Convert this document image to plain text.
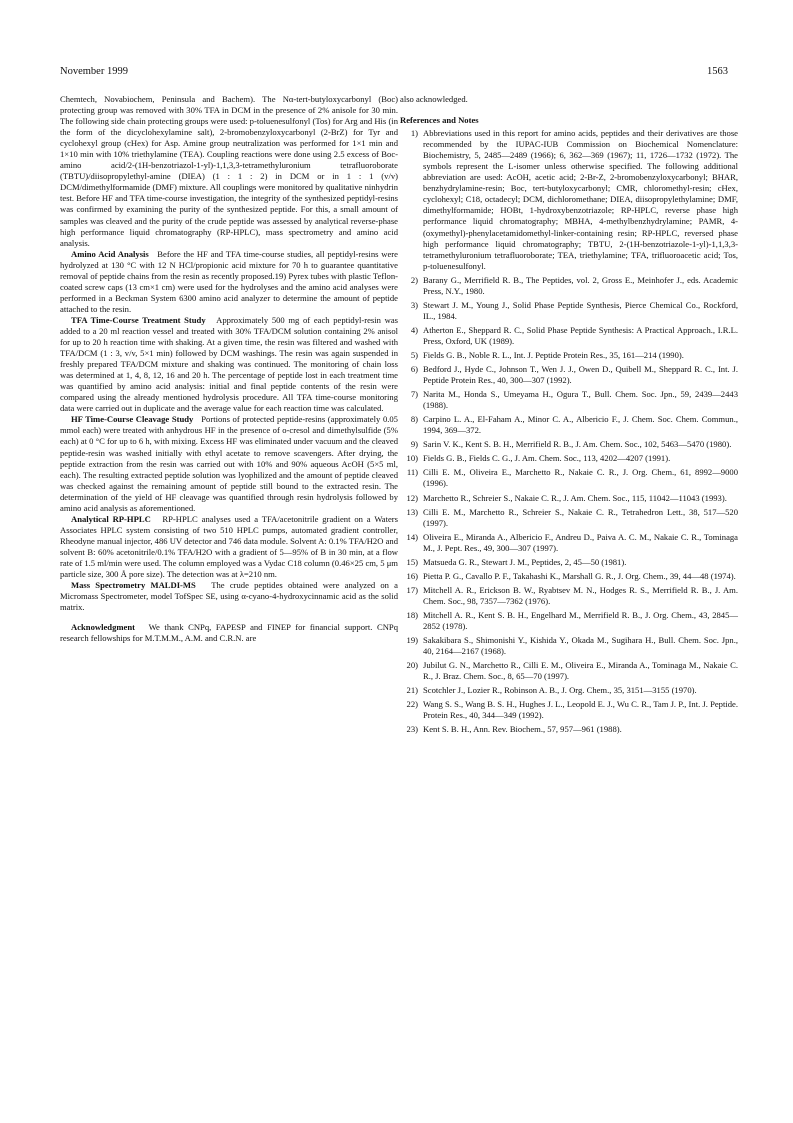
November 1999	1563

Chemtech, Novabiochem, Peninsula and Bachem). The Nα-tert-butyloxycarbonyl (Boc) protecting group was removed with 30% TFA in DCM in the presence of 2% anisole for 30 min. The following side chain protecting groups were used: p-toluenesulfonyl (Tos) for Arg and His (in the form of the dicyclohexylamine salt), 2-bromobenzyloxycarbonyl (2-BrZ) for Tyr and cyclohexyl group (cHex) for Asp. Amine group neutralization was performed for 1×1 min and 1×10 min with 10% triethylamine (TEA). Coupling reactions were done using 2.5 excess of Boc-amino acid/2-(1H-benzotriazol-1-yl)-1,1,3,3-tetramethyluronium tetrafluoroborate (TBTU)/diisopropylethyl-amine (DIEA) (1 : 1 : 2) in DCM or in 1 : 1 (v/v) DCM/dimethylformamide (DMF) mixture. All couplings were monitored by qualitative ninhydrin test. Before HF and TFA time-course investigation, the integrity of the synthesized peptidyl-resins was confirmed by examining the purity of the synthesized peptide. For this, a small amount of samples was cleaved and the purity of the crude peptide was assessed by analytical reverse-phase high performance liquid chromatography (RP-HPLC), mass spectrometry and amino acid analysis.

Amino Acid Analysis Before the HF and TFA time-course studies, all peptidyl-resins were hydrolyzed at 130 °C with 12 N HCl/propionic acid mixture for 70 h to guarantee quantitative removal of peptide chains from the resin as recently proposed.19) Pyrex tubes with plastic Teflon-coated screw caps (13 cm×1 cm) were used for the hydrolyses and the amino acid analyses were performed in a Beckman System 6300 amino acid analyzer to determine the amount of peptide attached to the resin.

TFA Time-Course Treatment Study Approximately 500 mg of each peptidyl-resin was added to a 20 ml reaction vessel and treated with 30% TFA/DCM solution containing 2% anisol for up to 20 h reaction time with shaking. At a given time, the resin was filtered and washed with TFA/DCM (1 : 3, v/v, 5×1 min) followed by DCM washings. The resin was again suspended in freshly prepared TFA/DCM mixture and shaking was continued. The monitoring of chain loss was determined at 1, 4, 8, 12, 16 and 20 h. The percentage of peptide lost in each treatment time was quantified by amino acid analysis: initial and final peptide contents of the resin were compared using the already mentioned hydrolysis procedure. All TFA time-course monitoring data were carried out in duplicate and the average value for each reaction time was calculated.

HF Time-Course Cleavage Study Portions of protected peptide-resins (approximately 0.05 mmol each) were treated with anhydrous HF in the presence of o-cresol and dimethylsulfide (5% each) at 0 °C for up to 6 h, with mixing. Excess HF was eliminated under vacuum and the cleaved peptide-resin was washed initially with ethyl acetate to remove scavengers. After drying, the peptide extraction from the resin was carried out with 10% and 90% aqueous AcOH (5×5 ml, each). The resulting extracted peptide solution was lyophilized and the amount of peptide cleaved was checked against the remaining amount of peptide still bound to the extracted resin. The determination of the yield of HF cleavage was quantified through resin hydrolysis followed by amino acid analysis as aforementioned.

Analytical RP-HPLC RP-HPLC analyses used a TFA/acetonitrile gradient on a Waters Associates HPLC system consisting of two 510 HPLC pumps, automated gradient controller, Rheodyne manual injector, 486 UV detector and 746 data module. Solvent A: 0.1% TFA/H2O and solvent B: 60% acetonitrile/0.1% TFA/H2O with a gradient of 5—95% of B in 30 min, at a flow rate of 1.5 ml/min were used. The column employed was a Vydac C18 column (0.46×25 cm, 5 μm particle size, 300 Å pore size). The detection was at λ=210 nm.

Mass Spectrometry MALDI-MS The crude peptides obtained were analyzed on a Micromass Spectrometer, model TofSpec SE, using α-cyano-4-hydroxycinnamic acid as the solid matrix.

Acknowledgment We thank CNPq, FAPESP and FINEP for financial support. CNPq research fellowships for M.T.M.M., A.M. and C.R.N. are

also acknowledged.

References and Notes
1) Abbreviations used in this report for amino acids, peptides and their derivatives are those recommended by the IUPAC-IUB Commission on Biochemical Nomenclature: Biochemistry, 5, 2485—2489 (1966); 6, 362—369 (1967); 11, 1726—1732 (1972). The symbols represent the L-isomer unless otherwise specified. The following additional abbreviation are used: AcOH, acetic acid; 2-Br-Z, 2-bromobenzyloxycarbonyl; BHAR, benzhydrylamine-resin; Boc, tert-butyloxycarbonyl; CMR, chloromethyl-resin; cHex, cyclohexyl; C18, octadecyl; DCM, dichloromethane; DIEA, diisopropylethylamine; DMF, dimethylformamide; HOBt, 1-hydroxybenzotriazole; RP-HPLC, reverse phase high performance liquid chromatography; MBHA, 4-methylbenzhydrylamine; PAMR, 4-(oxymethyl)-phenylacetamidomethyl-linker-containing resin; RP-HPLC, reversed phase high performance liquid chromatography; TBTU, 2-(1H-benzotriazole-1-yl)-1,1,3,3-tetramethyluronium tetrafluoroborate; TEA, triethylamine; TFA, trifluoroacetic acid; Tos, p-toluenesulfonyl.
2) Barany G., Merrifield R. B., The Peptides, vol. 2, Gross E., Meinhofer J., eds. Academic Press, N.Y., 1980.
3) Stewart J. M., Young J., Solid Phase Peptide Synthesis, Pierce Chemical Co., Rockford, IL., 1984.
4) Atherton E., Sheppard R. C., Solid Phase Peptide Synthesis: A Practical Approach., I.R.L. Press, Oxford, UK (1989).
5) Fields G. B., Noble R. L., Int. J. Peptide Protein Res., 35, 161—214 (1990).
6) Bedford J., Hyde C., Johnson T., Wen J. J., Owen D., Quibell M., Sheppard R. C., Int. J. Peptide Protein Res., 40, 300—307 (1992).
7) Narita M., Honda S., Umeyama H., Ogura T., Bull. Chem. Soc. Jpn., 59, 2439—2443 (1988).
8) Carpino L. A., El-Faham A., Minor C. A., Albericio F., J. Chem. Soc. Chem. Commun., 1994, 369—372.
9) Sarin V. K., Kent S. B. H., Merrifield R. B., J. Am. Chem. Soc., 102, 5463—5470 (1980).
10) Fields G. B., Fields C. G., J. Am. Chem. Soc., 113, 4202—4207 (1991).
11) Cilli E. M., Oliveira E., Marchetto R., Nakaie C. R., J. Org. Chem., 61, 8992—9000 (1996).
12) Marchetto R., Schreier S., Nakaie C. R., J. Am. Chem. Soc., 115, 11042—11043 (1993).
13) Cilli E. M., Marchetto R., Schreier S., Nakaie C. R., Tetrahedron Lett., 38, 517—520 (1997).
14) Oliveira E., Miranda A., Albericio F., Andreu D., Paiva A. C. M., Nakaie C. R., Tominaga M., J. Pept. Res., 49, 300—307 (1997).
15) Matsueda G. R., Stewart J. M., Peptides, 2, 45—50 (1981).
16) Pietta P. G., Cavallo P. F., Takahashi K., Marshall G. R., J. Org. Chem., 39, 44—48 (1974).
17) Mitchell A. R., Erickson B. W., Ryabtsev M. N., Hodges R. S., Merrifield R. B., J. Am. Chem. Soc., 98, 7357—7362 (1976).
18) Mitchell A. R., Kent S. B. H., Engelhard M., Merrifield R. B., J. Org. Chem., 43, 2845—2852 (1978).
19) Sakakibara S., Shimonishi Y., Kishida Y., Okada M., Sugihara H., Bull. Chem. Soc. Jpn., 40, 2164—2167 (1968).
20) Jubilut G. N., Marchetto R., Cilli E. M., Oliveira E., Miranda A., Tominaga M., Nakaie C. R., J. Braz. Chem. Soc., 8, 65—70 (1997).
21) Scotchler J., Lozier R., Robinson A. B., J. Org. Chem., 35, 3151—3155 (1970).
22) Wang S. S., Wang B. S. H., Hughes J. L., Leopold E. J., Wu C. R., Tam J. P., Int. J. Peptide. Protein Res., 40, 344—349 (1992).
23) Kent S. B. H., Ann. Rev. Biochem., 57, 957—961 (1988).
